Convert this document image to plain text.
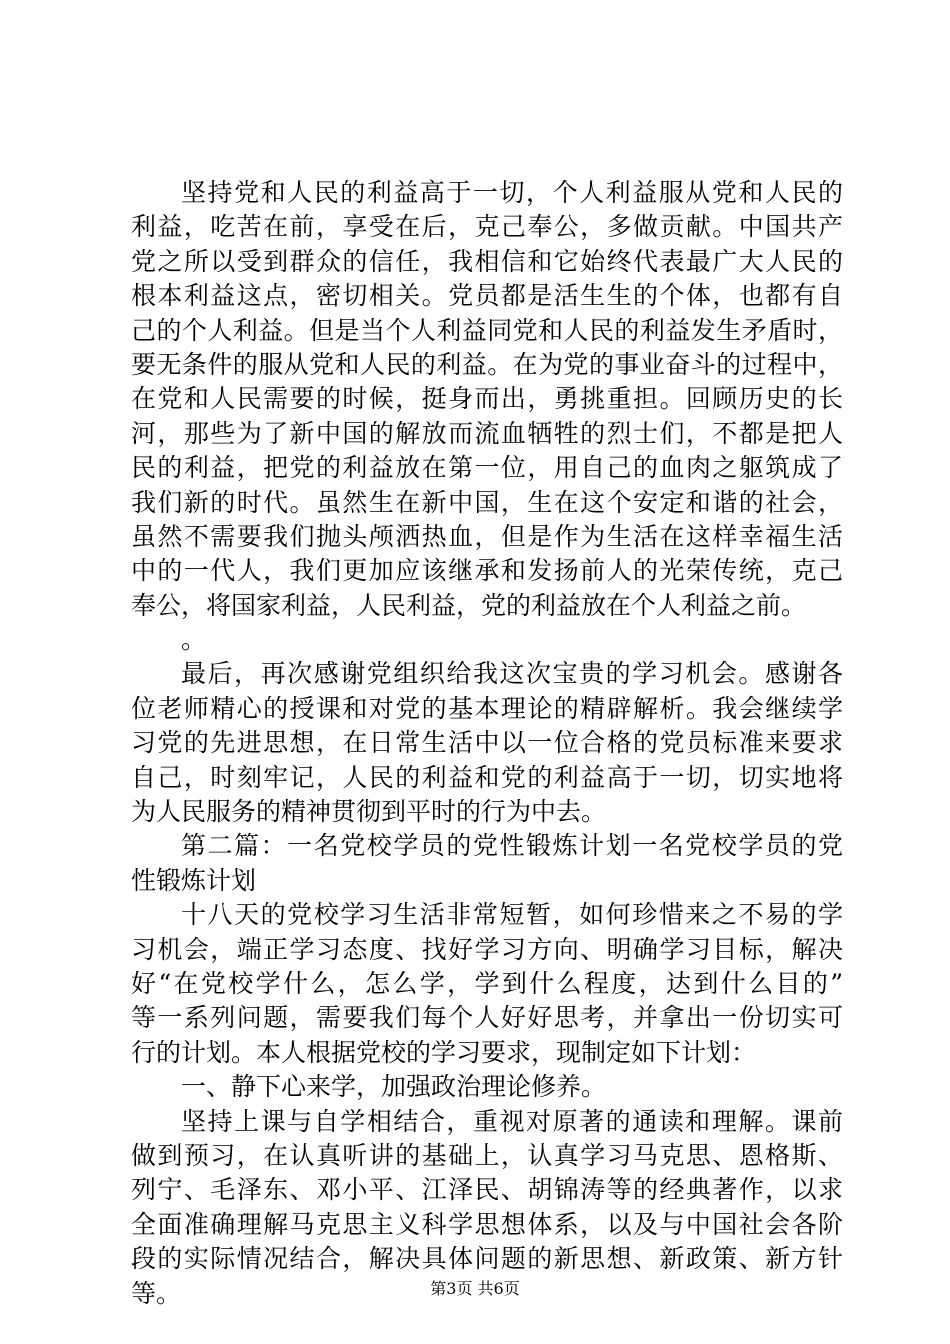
坚持党和人民的利益高于一切，个人利益服从党和人民的
利益，吃苦在前，享受在后，克己奉公，多做贡献。中国共产
党之所以受到群众的信任，我相信和它始终代表最广大人民的
根本利益这点，密切相关。党员都是活生生的个体，也都有自
己的个人利益。但是当个人利益同党和人民的利益发生矛盾时，
要无条件的服从党和人民的利益。在为党的事业奋斗的过程中，
在党和人民需要的时候，挺身而出，勇挑重担。回顾历史的长
河，那些为了新中国的解放而流血牺牲的烈士们，不都是把人
民的利益，把党的利益放在第一位，用自己的血肉之躯筑成了
我们新的时代。虽然生在新中国，生在这个安定和谐的社会，
虽然不需要我们抛头颅洒热血，但是作为生活在这样幸福生活
中的一代人，我们更加应该继承和发扬前人的光荣传统，克己
奉公，将国家利益，人民利益，党的利益放在个人利益之前。
。
最后，再次感谢党组织给我这次宝贵的学习机会。感谢各
位老师精心的授课和对党的基本理论的精辟解析。我会继续学
习党的先进思想，在日常生活中以一位合格的党员标准来要求
自己，时刻牢记，人民的利益和党的利益高于一切，切实地将
为人民服务的精神贯彻到平时的行为中去。
第二篇：一名党校学员的党性锻炼计划一名党校学员的党
性锻炼计划
十八天的党校学习生活非常短暂，如何珍惜来之不易的学
习机会，端正学习态度、找好学习方向、明确学习目标，解决
好“在党校学什么，怎么学，学到什么程度，达到什么目的”
等一系列问题，需要我们每个人好好思考，并拿出一份切实可
行的计划。本人根据党校的学习要求，现制定如下计划：
一、静下心来学，加强政治理论修养。
坚持上课与自学相结合，重视对原著的通读和理解。课前
做到预习，在认真听讲的基础上，认真学习马克思、恩格斯、
列宁、毛泽东、邓小平、江泽民、胡锦涛等的经典著作，以求
全面准确理解马克思主义科学思想体系，以及与中国社会各阶
段的实际情况结合，解决具体问题的新思想、新政策、新方针
等。	第3页 共6页
